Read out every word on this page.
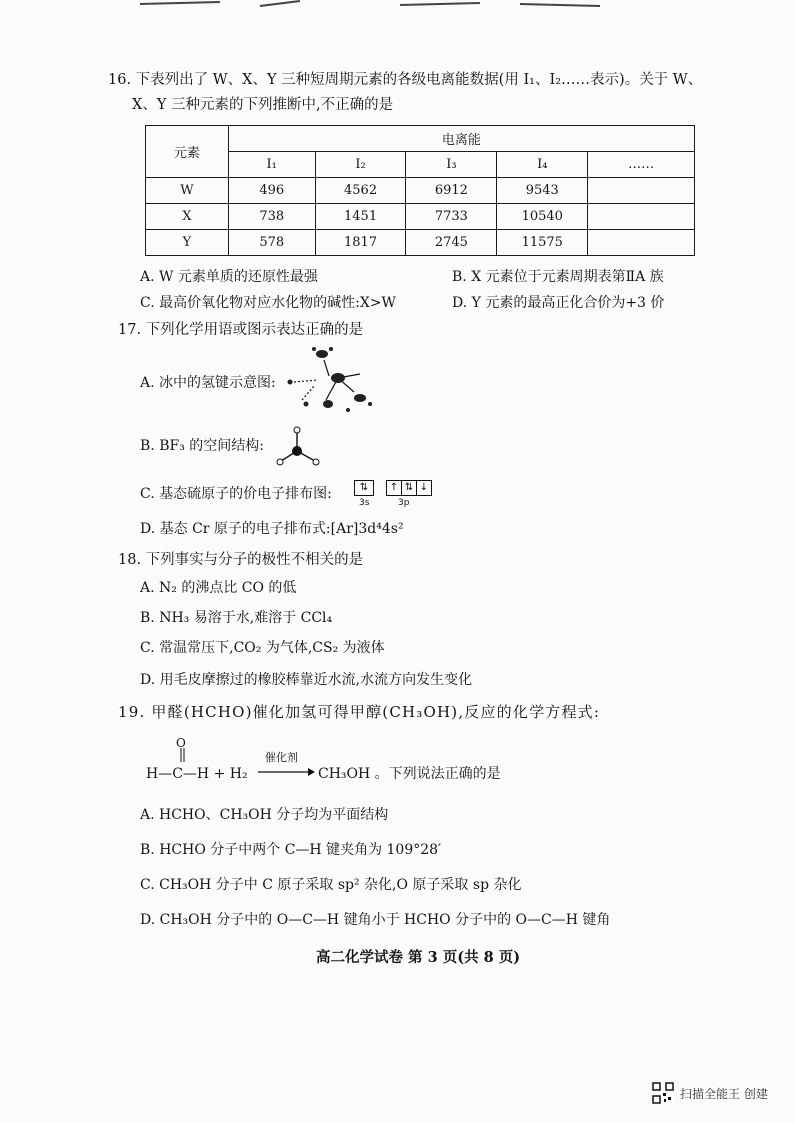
16. 下表列出了 W、X、Y 三种短周期元素的各级电离能数据(用 I₁、I₂……表示)。关于 W、
X、Y 三种元素的下列推断中,不正确的是
元素	电离能				
	I₁	I₂	I₃	I₄	……
W	496	4562	6912	9543	
X	738	1451	7733	10540	
Y	578	1817	2745	11575	
A. W 元素单质的还原性最强	B. X 元素位于元素周期表第ⅡA 族
C. 最高价氧化物对应水化物的碱性:X>W	D. Y 元素的最高正化合价为+3 价
17. 下列化学用语或图示表达正确的是
A. 冰中的氢键示意图:
B. BF₃ 的空间结构:
C. 基态硫原子的价电子排布图:	⇅	↑ ⇅ ↓
3s	3p
D. 基态 Cr 原子的电子排布式:[Ar]3d⁴4s²
18. 下列事实与分子的极性不相关的是
A. N₂ 的沸点比 CO 的低
B. NH₃ 易溶于水,难溶于 CCl₄
C. 常温常压下,CO₂ 为气体,CS₂ 为液体
D. 用毛皮摩擦过的橡胶棒靠近水流,水流方向发生变化
19. 甲醛(HCHO)催化加氢可得甲醇(CH₃OH),反应的化学方程式:
O
H—C—H + H₂
催化剂
→ CH₃OH 。下列说法正确的是
A. HCHO、CH₃OH 分子均为平面结构
B. HCHO 分子中两个 C—H 键夹角为 109°28′
C. CH₃OH 分子中 C 原子采取 sp² 杂化,O 原子采取 sp 杂化
D. CH₃OH 分子中的 O—C—H 键角小于 HCHO 分子中的 O—C—H 键角
高二化学试卷 第 3 页(共 8 页)
扫描全能王 创建
